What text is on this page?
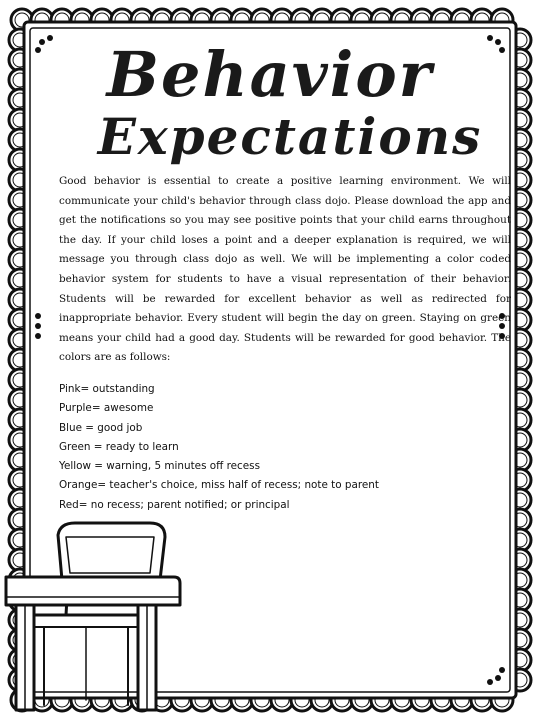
Behavior
Expectations

Good behavior is essential to create a positive learning environment. We will communicate your child's behavior through class dojo. Please download the app and get the notifications so you may see positive points that your child earns throughout the day. If your child loses a point and a deeper explanation is required, we will message you through class dojo as well. We will be implementing a color coded behavior system for students to have a visual representation of their behavior. Students will be rewarded for excellent behavior as well as redirected for inappropriate behavior. Every student will begin the day on green. Staying on green means your child had a good day. Students will be rewarded for good behavior. The colors are as follows:

Pink= outstanding
Purple= awesome
Blue = good job
Green = ready to learn
Yellow = warning, 5 minutes off recess
Orange= teacher's choice, miss half of recess; note to parent
Red= no recess; parent notified; or principal
